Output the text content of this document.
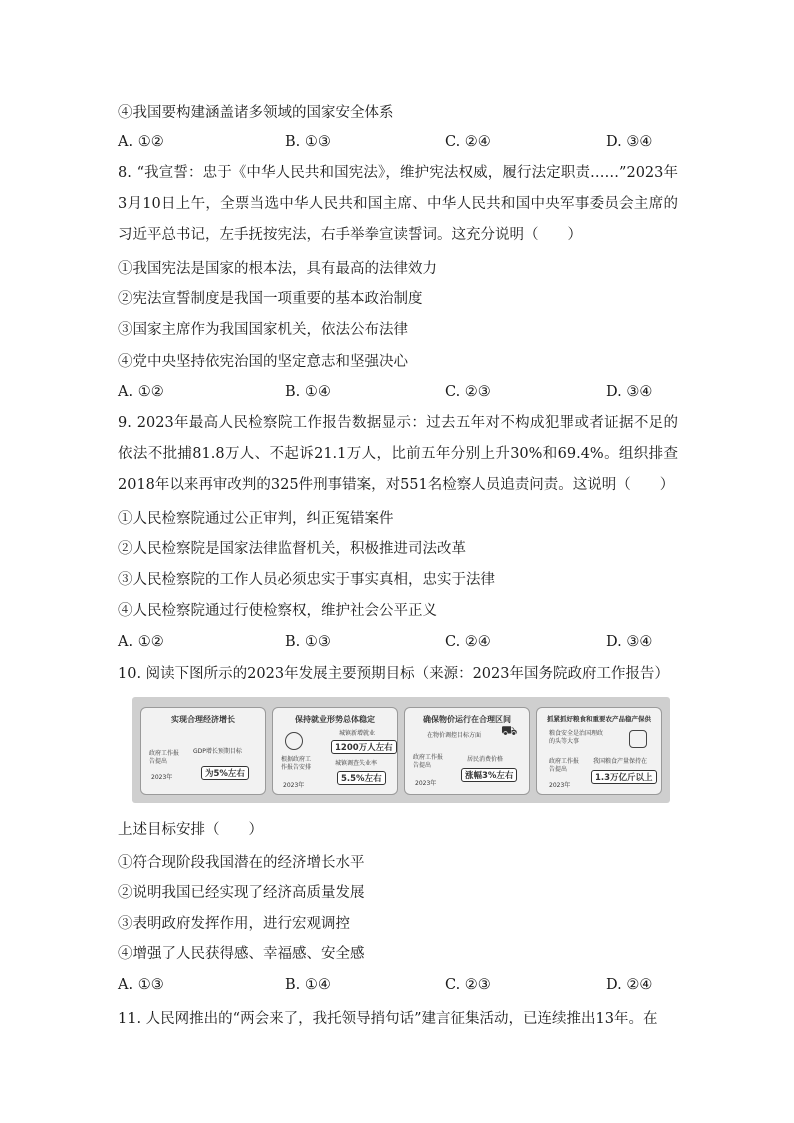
④我国要构建涵盖诸多领域的国家安全体系
A. ①②	B. ①③	C. ②④	D. ③④
8. “我宣誓：忠于《中华人民共和国宪法》，维护宪法权威，履行法定职责……”2023年3月10日上午，全票当选中华人民共和国主席、中华人民共和国中央军事委员会主席的习近平总书记，左手抚按宪法，右手举拳宣读誓词。这充分说明（　　）
①我国宪法是国家的根本法，具有最高的法律效力
②宪法宣誓制度是我国一项重要的基本政治制度
③国家主席作为我国国家机关，依法公布法律
④党中央坚持依宪治国的坚定意志和坚强决心
A. ①②	B. ①④	C. ②③	D. ③④
9. 2023年最高人民检察院工作报告数据显示：过去五年对不构成犯罪或者证据不足的依法不批捕81.8万人、不起诉21.1万人，比前五年分别上升30%和69.4%。组织排查2018年以来再审改判的325件刑事错案，对551名检察人员追责问责。这说明（　　）
①人民检察院通过公正审判，纠正冤错案件
②人民检察院是国家法律监督机关，积极推进司法改革
③人民检察院的工作人员必须忠实于事实真相，忠实于法律
④人民检察院通过行使检察权，维护社会公平正义
A. ①②	B. ①③	C. ②④	D. ③④
10. 阅读下图所示的2023年发展主要预期目标（来源：2023年国务院政府工作报告）
实现合理经济增长
政府工作报告提出
2023年
GDP增长预期目标
为5%左右
保持就业形势总体稳定
根据政府工作报告安排
2023年
城镇新增就业
1200万人左右
城镇调查失业率
5.5%左右
确保物价运行在合理区间
在物价调控目标方面 ⛟
政府工作报告提出
2023年
居民消费价格
涨幅3%左右
抓紧抓好粮食和重要农产品稳产保供
粮食安全是治国理政的头等大事
政府工作报告提出
2023年
我国粮食产量保持在
1.3万亿斤以上
上述目标安排（　　）
①符合现阶段我国潜在的经济增长水平
②说明我国已经实现了经济高质量发展
③表明政府发挥作用，进行宏观调控
④增强了人民获得感、幸福感、安全感
A. ①③	B. ①④	C. ②③	D. ②④
11. 人民网推出的“两会来了，我托领导捎句话”建言征集活动，已连续推出13年。在
